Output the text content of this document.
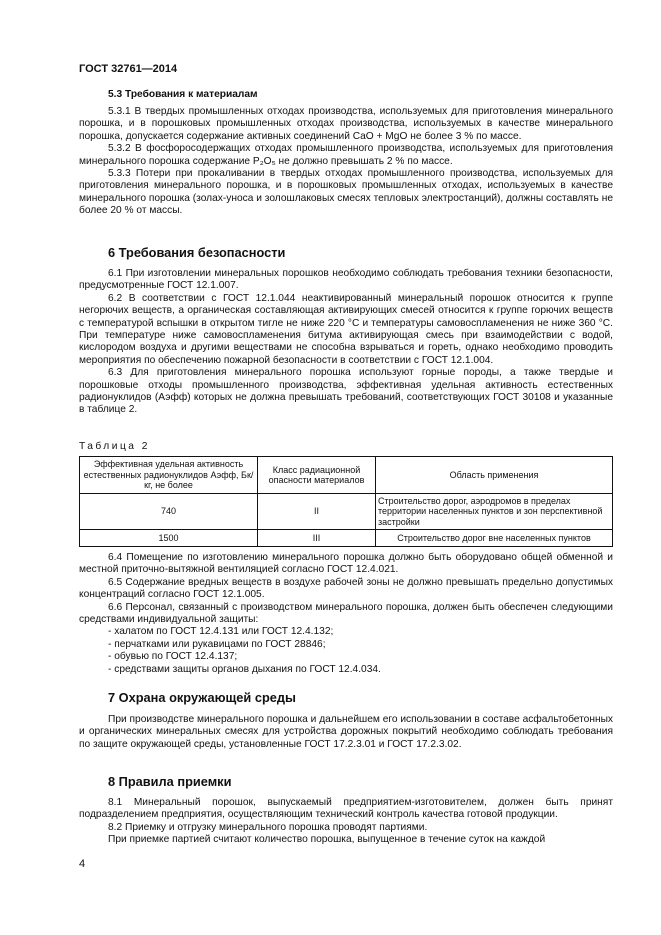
ГОСТ 32761—2014
5.3 Требования к материалам

5.3.1 В твердых промышленных отходах производства, используемых для приготовления минерального порошка, и в порошковых промышленных отходах производства, используемых в качестве минерального порошка, допускается содержание активных соединений CaO + MgO не более 3 % по массе.

5.3.2 В фосфоросодержащих отходах промышленного производства, используемых для приготовления минерального порошка содержание P₂O₅ не должно превышать 2 % по массе.

5.3.3 Потери при прокаливании в твердых отходах промышленного производства, используемых для приготовления минерального порошка, и в порошковых промышленных отходах, используемых в качестве минерального порошка (золах-уноса и золошлаковых смесях тепловых электростанций), должны составлять не более 20 % от массы.

6 Требования безопасности

6.1 При изготовлении минеральных порошков необходимо соблюдать требования техники безопасности, предусмотренные ГОСТ 12.1.007.

6.2 В соответствии с ГОСТ 12.1.044 неактивированный минеральный порошок относится к группе негорючих веществ, а органическая составляющая активирующих смесей относится к группе горючих веществ с температурой вспышки в открытом тигле не ниже 220 °С и температуры самовоспламенения не ниже 360 °С. При температуре ниже самовоспламенения битума активирующая смесь при взаимодействии с водой, кислородом воздуха и другими веществами не способна взрываться и гореть, однако необходимо проводить мероприятия по обеспечению пожарной безопасности в соответствии с ГОСТ 12.1.004.

6.3 Для приготовления минерального порошка используют горные породы, а также твердые и порошковые отходы промышленного производства, эффективная удельная активность естественных радионуклидов (Аэфф) которых не должна превышать требований, соответствующих ГОСТ 30108 и указанные в таблице 2.

Таблица 2
Эффективная удельная активность естественных радионуклидов Аэфф, Бк/кг, не более	Класс радиационной опасности материалов	Область применения
740	II	Строительство дорог, аэродромов в пределах территории населенных пунктов и зон перспективной застройки
1500	III	Строительство дорог вне населенных пунктов

6.4 Помещение по изготовлению минерального порошка должно быть оборудовано общей обменной и местной приточно-вытяжной вентиляцией согласно ГОСТ 12.4.021.

6.5 Содержание вредных веществ в воздухе рабочей зоны не должно превышать предельно допустимых концентраций согласно ГОСТ 12.1.005.

6.6 Персонал, связанный с производством минерального порошка, должен быть обеспечен следующими средствами индивидуальной защиты:

- халатом по ГОСТ 12.4.131 или ГОСТ 12.4.132;

- перчатками или рукавицами по ГОСТ 28846;

- обувью по ГОСТ 12.4.137;

- средствами защиты органов дыхания по ГОСТ 12.4.034.

7 Охрана окружающей среды

При производстве минерального порошка и дальнейшем его использовании в составе асфальтобетонных и органических минеральных смесях для устройства дорожных покрытий необходимо соблюдать требования по защите окружающей среды, установленные ГОСТ 17.2.3.01 и ГОСТ 17.2.3.02.

8 Правила приемки

8.1 Минеральный порошок, выпускаемый предприятием-изготовителем, должен быть принят подразделением предприятия, осуществляющим технический контроль качества готовой продукции.

8.2 Приемку и отгрузку минерального порошка проводят партиями.

При приемке партией считают количество порошка, выпущенное в течение суток на каждой

4
